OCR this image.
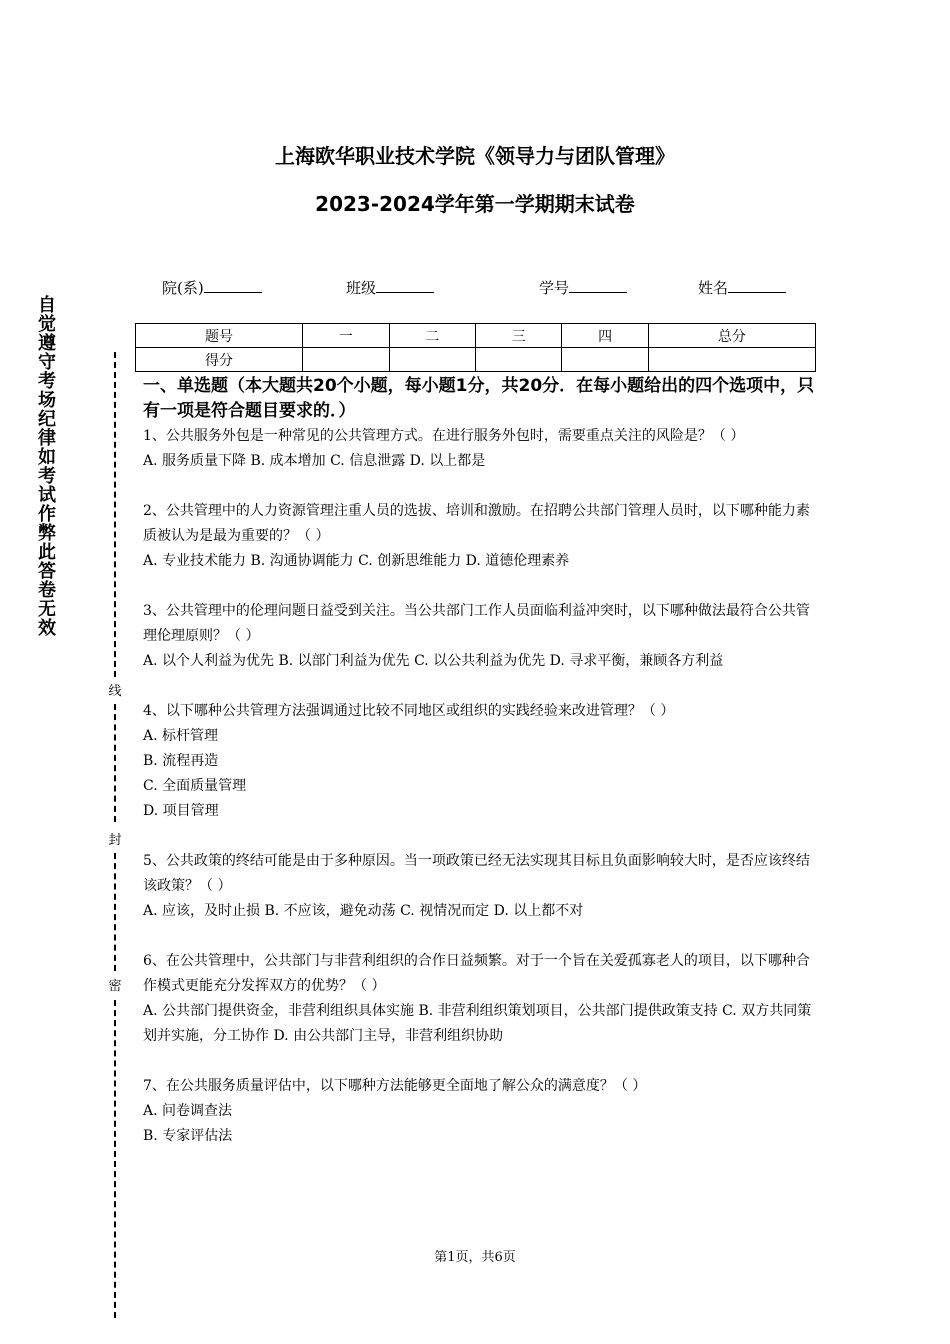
自觉遵守考场纪律如考试作弊此答卷无效
线
封
密
上海欧华职业技术学院《领导力与团队管理》
2023-2024学年第一学期期末试卷
院(系)	班级	学号	姓名
题号	一	二	三	四	总分
得分					
一、单选题（本大题共20个小题，每小题1分，共20分．在每小题给出的四个选项中，只有一项是符合题目要求的．）

1、公共服务外包是一种常见的公共管理方式。在进行服务外包时，需要重点关注的风险是？（ ）

A. 服务质量下降 B. 成本增加 C. 信息泄露 D. 以上都是

2、公共管理中的人力资源管理注重人员的选拔、培训和激励。在招聘公共部门管理人员时，以下哪种能力素质被认为是最为重要的？（ ）

A. 专业技术能力 B. 沟通协调能力 C. 创新思维能力 D. 道德伦理素养

3、公共管理中的伦理问题日益受到关注。当公共部门工作人员面临利益冲突时，以下哪种做法最符合公共管理伦理原则？（ ）

A. 以个人利益为优先 B. 以部门利益为优先 C. 以公共利益为优先 D. 寻求平衡，兼顾各方利益

4、以下哪种公共管理方法强调通过比较不同地区或组织的实践经验来改进管理？（ ）

A. 标杆管理

B. 流程再造

C. 全面质量管理

D. 项目管理

5、公共政策的终结可能是由于多种原因。当一项政策已经无法实现其目标且负面影响较大时，是否应该终结该政策？（ ）

A. 应该，及时止损 B. 不应该，避免动荡 C. 视情况而定 D. 以上都不对

6、在公共管理中，公共部门与非营利组织的合作日益频繁。对于一个旨在关爱孤寡老人的项目，以下哪种合作模式更能充分发挥双方的优势？（ ）

A. 公共部门提供资金，非营利组织具体实施 B. 非营利组织策划项目，公共部门提供政策支持 C. 双方共同策划并实施，分工协作 D. 由公共部门主导，非营利组织协助

7、在公共服务质量评估中，以下哪种方法能够更全面地了解公众的满意度？（ ）

A. 问卷调查法

B. 专家评估法

第1页，共6页
